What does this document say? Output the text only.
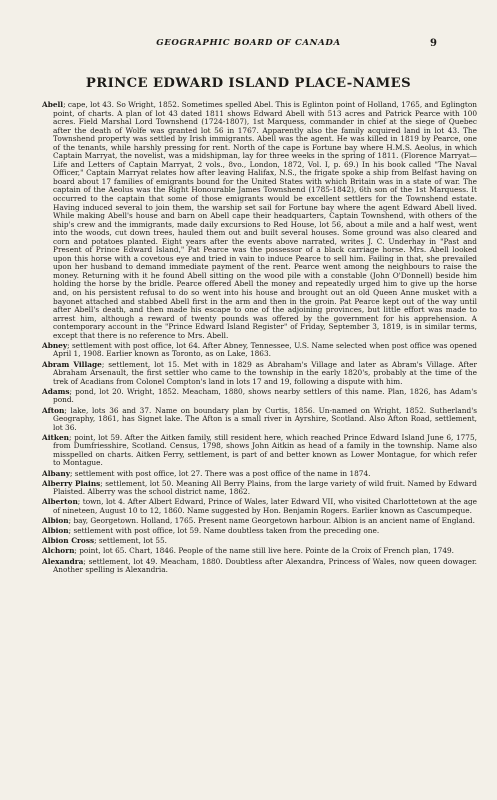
GEOGRAPHIC BOARD OF CANADA	9
PRINCE EDWARD ISLAND PLACE-NAMES

Abell; cape, lot 43. So Wright, 1852. Sometimes spelled Abel. This is Eglinton point of Holland, 1765, and Eglington point, of charts. A plan of lot 43 dated 1811 shows Edward Abell with 513 acres and Patrick Pearce with 100 acres. Field Marshal Lord Townshend (1724-1807), 1st Marquess, commander in chief at the siege of Quebec after the death of Wolfe was granted lot 56 in 1767. Apparently also the family acquired land in lot 43. The Townshend property was settled by Irish immigrants. Abell was the agent. He was killed in 1819 by Pearce, one of the tenants, while harshly pressing for rent. North of the cape is Fortune bay where H.M.S. Aeolus, in which Captain Marryat, the novelist, was a midshipman, lay for three weeks in the spring of 1811. (Florence Marryat—Life and Letters of Captain Marryat, 2 vols., 8vo., London, 1872, Vol. I, p. 69.) In his book called "The Naval Officer," Captain Marryat relates how after leaving Halifax, N.S., the frigate spoke a ship from Belfast having on board about 17 families of emigrants bound for the United States with which Britain was in a state of war. The captain of the Aeolus was the Right Honourable James Townshend (1785-1842), 6th son of the 1st Marquess. It occurred to the captain that some of those emigrants would be excellent settlers for the Townshend estate. Having induced several to join them, the warship set sail for Fortune bay where the agent Edward Abell lived. While making Abell's house and barn on Abell cape their headquarters, Captain Townshend, with others of the ship's crew and the immigrants, made daily excursions to Red House, lot 56, about a mile and a half west, went into the woods, cut down trees, hauled them out and built several houses. Some ground was also cleared and corn and potatoes planted. Eight years after the events above narrated, writes J. C. Underhay in "Past and Present of Prince Edward Island," Pat Pearce was the possessor of a black carriage horse. Mrs. Abell looked upon this horse with a covetous eye and tried in vain to induce Pearce to sell him. Failing in that, she prevailed upon her husband to demand immediate payment of the rent. Pearce went among the neighbours to raise the money. Returning with it he found Abell sitting on the wood pile with a constable (John O'Donnell) beside him holding the horse by the bridle. Pearce offered Abell the money and repeatedly urged him to give up the horse and, on his persistent refusal to do so went into his house and brought out an old Queen Anne musket with a bayonet attached and stabbed Abell first in the arm and then in the groin. Pat Pearce kept out of the way until after Abell's death, and then made his escape to one of the adjoining provinces, but little effort was made to arrest him, although a reward of twenty pounds was offered by the government for his apprehension. A contemporary account in the "Prince Edward Island Register" of Friday, September 3, 1819, is in similar terms, except that there is no reference to Mrs. Abell.

Abney; settlement with post office, lot 64. After Abney, Tennessee, U.S. Name selected when post office was opened April 1, 1908. Earlier known as Toronto, as on Lake, 1863.

Abram Village; settlement, lot 15. Met with in 1829 as Abraham's Village and later as Abram's Village. After Abraham Arsenault, the first settler who came to the township in the early 1820's, probably at the time of the trek of Acadians from Colonel Compton's land in lots 17 and 19, following a dispute with him.

Adams; pond, lot 20. Wright, 1852. Meacham, 1880, shows nearby settlers of this name. Plan, 1826, has Adam's pond.

Afton; lake, lots 36 and 37. Name on boundary plan by Curtis, 1856. Un-named on Wright, 1852. Sutherland's Geography, 1861, has Signet lake. The Afton is a small river in Ayrshire, Scotland. Also Afton Road, settlement, lot 36.

Aitken; point, lot 59. After the Aitken family, still resident here, which reached Prince Edward Island June 6, 1775, from Dumfriesshire, Scotland. Census, 1798, shows John Aitkin as head of a family in the township. Name also misspelled on charts. Aitken Ferry, settlement, is part of and better known as Lower Montague, for which refer to Montague.

Albany; settlement with post office, lot 27. There was a post office of the name in 1874.

Alberry Plains; settlement, lot 50. Meaning All Berry Plains, from the large variety of wild fruit. Named by Edward Plaisted. Alberry was the school district name, 1862.

Alberton; town, lot 4. After Albert Edward, Prince of Wales, later Edward VII, who visited Charlottetown at the age of nineteen, August 10 to 12, 1860. Name suggested by Hon. Benjamin Rogers. Earlier known as Cascumpeque.

Albion; bay, Georgetown. Holland, 1765. Present name Georgetown harbour. Albion is an ancient name of England.

Albion; settlement with post office, lot 59. Name doubtless taken from the preceding one.

Albion Cross; settlement, lot 55.

Alchorn; point, lot 65. Chart, 1846. People of the name still live here. Pointe de la Croix of French plan, 1749.

Alexandra; settlement, lot 49. Meacham, 1880. Doubtless after Alexandra, Princess of Wales, now queen dowager. Another spelling is Alexandria.
